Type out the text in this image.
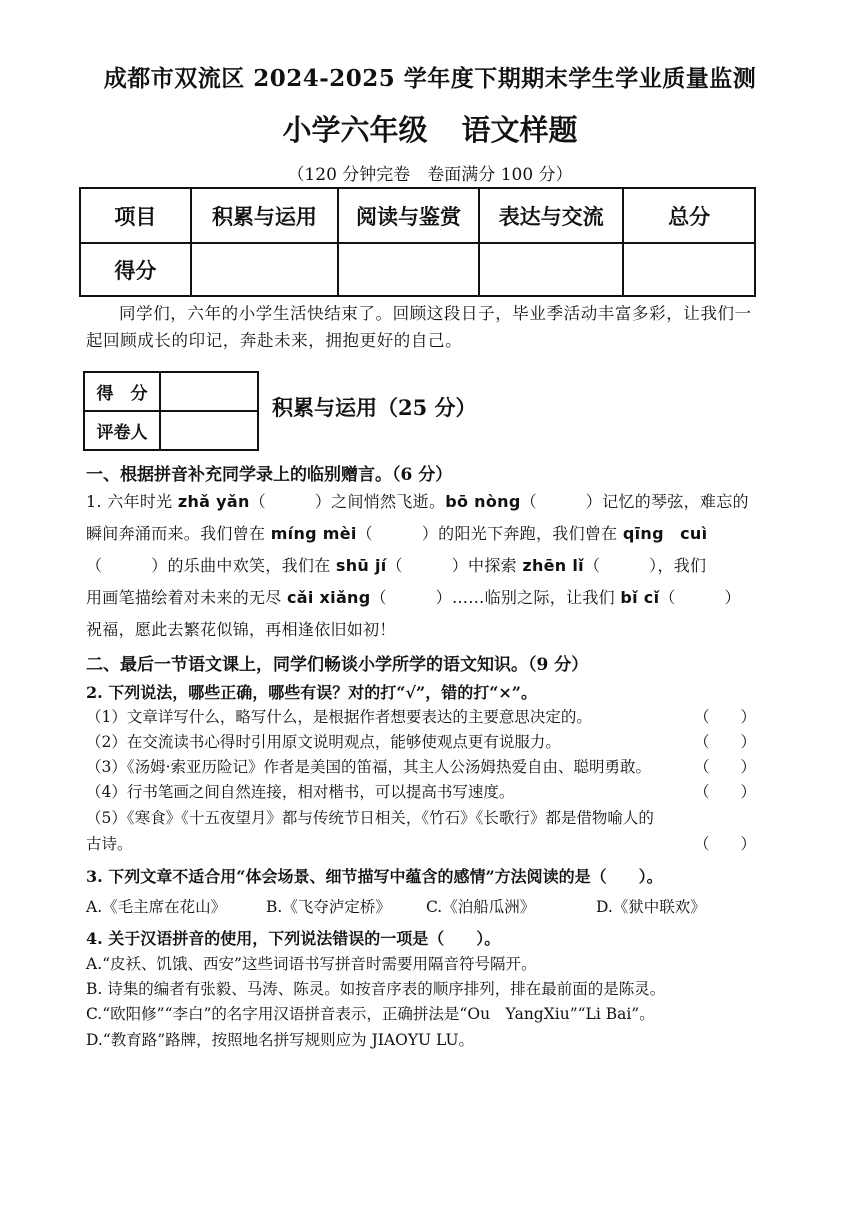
成都市双流区 2024-2025 学年度下期期末学生学业质量监测
小学六年级 语文样题
（120 分钟完卷　卷面满分 100 分）
项目	积累与运用	阅读与鉴赏	表达与交流	总分
得分				
同学们，六年的小学生活快结束了。回顾这段日子，毕业季活动丰富多彩，让我们一起回顾成长的印记，奔赴未来，拥抱更好的自己。
得　分	
评卷人	
积累与运用（25 分）
一、根据拼音补充同学录上的临别赠言。（6 分）
1. 六年时光 zhǎ yǎn（　　　）之间悄然飞逝。bō nòng（　　　）记忆的琴弦，难忘的
瞬间奔涌而来。我们曾在 míng mèi（　　　）的阳光下奔跑，我们曾在 qīng　cuì
（　　　）的乐曲中欢笑，我们在 shū jí（　　　）中探索 zhēn lǐ（　　　），我们
用画笔描绘着对未来的无尽 cǎi xiǎng（　　　）……临别之际，让我们 bǐ cǐ（　　　）
祝福，愿此去繁花似锦，再相逢依旧如初！
二、最后一节语文课上，同学们畅谈小学所学的语文知识。（9 分）
2. 下列说法，哪些正确，哪些有误？对的打“√”，错的打“×”。
（1）文章详写什么，略写什么，是根据作者想要表达的主要意思决定的。	（　　）
（2）在交流读书心得时引用原文说明观点，能够使观点更有说服力。	（　　）
（3）《汤姆·索亚历险记》作者是美国的笛福，其主人公汤姆热爱自由、聪明勇敢。	（　　）
（4）行书笔画之间自然连接，相对楷书，可以提高书写速度。	（　　）
（5）《寒食》《十五夜望月》都与传统节日相关，《竹石》《长歌行》都是借物喻人的
古诗。	（　　）
3. 下列文章不适合用“体会场景、细节描写中蕴含的感情”方法阅读的是（　　）。
A.《毛主席在花山》	B.《飞夺泸定桥》 C.《泊船瓜洲》	D.《狱中联欢》
4. 关于汉语拼音的使用，下列说法错误的一项是（　　）。
A.“皮袄、饥饿、西安”这些词语书写拼音时需要用隔音符号隔开。
B. 诗集的编者有张毅、马涛、陈灵。如按音序表的顺序排列，排在最前面的是陈灵。
C.“欧阳修”“李白”的名字用汉语拼音表示，正确拼法是“Ou　YangXiu”“Li Bai”。
D.“教育路”路牌，按照地名拼写规则应为 JIAOYU LU。
